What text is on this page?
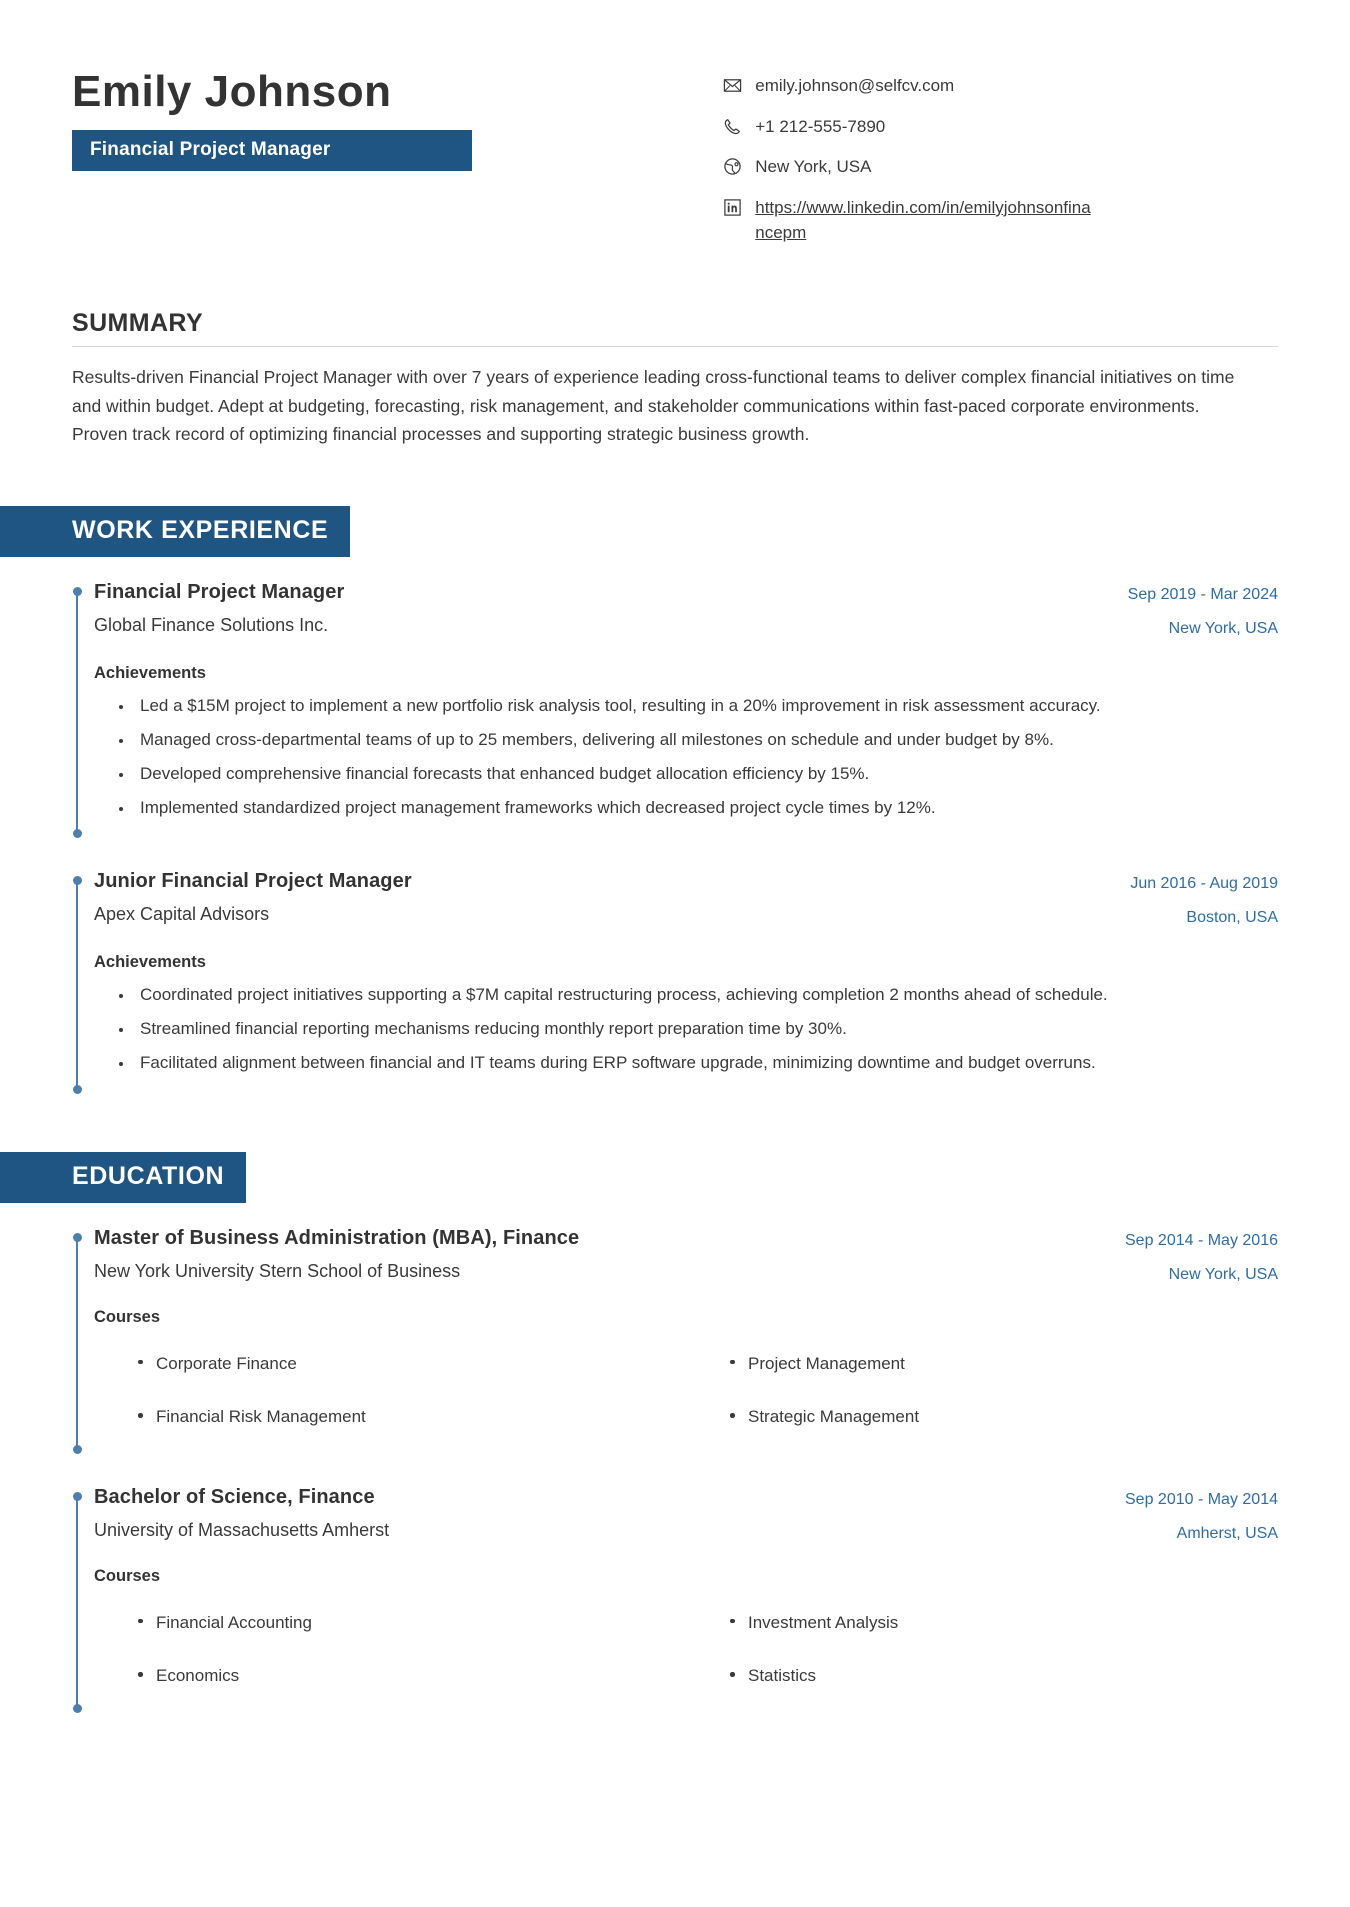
Emily Johnson
Financial Project Manager
emily.johnson@selfcv.com
+1 212-555-7890
New York, USA
https://www.linkedin.com/in/emilyjohnsonfinancepm
SUMMARY

Results-driven Financial Project Manager with over 7 years of experience leading cross-functional teams to deliver complex financial initiatives on time and within budget. Adept at budgeting, forecasting, risk management, and stakeholder communications within fast-paced corporate environments. Proven track record of optimizing financial processes and supporting strategic business growth.

WORK EXPERIENCE
Financial Project Manager
Global Finance Solutions Inc.
Sep 2019 - Mar 2024
New York, USA
Achievements
• Led a $15M project to implement a new portfolio risk analysis tool, resulting in a 20% improvement in risk assessment accuracy.
• Managed cross-departmental teams of up to 25 members, delivering all milestones on schedule and under budget by 8%.
• Developed comprehensive financial forecasts that enhanced budget allocation efficiency by 15%.
• Implemented standardized project management frameworks which decreased project cycle times by 12%.
Junior Financial Project Manager
Apex Capital Advisors
Jun 2016 - Aug 2019
Boston, USA
Achievements
• Coordinated project initiatives supporting a $7M capital restructuring process, achieving completion 2 months ahead of schedule.
• Streamlined financial reporting mechanisms reducing monthly report preparation time by 30%.
• Facilitated alignment between financial and IT teams during ERP software upgrade, minimizing downtime and budget overruns.
EDUCATION
Master of Business Administration (MBA), Finance
New York University Stern School of Business
Sep 2014 - May 2016
New York, USA
Courses
Corporate Finance	Project Management
Financial Risk Management	Strategic Management
Bachelor of Science, Finance
University of Massachusetts Amherst
Sep 2010 - May 2014
Amherst, USA
Courses
Financial Accounting	Investment Analysis
Economics	Statistics
